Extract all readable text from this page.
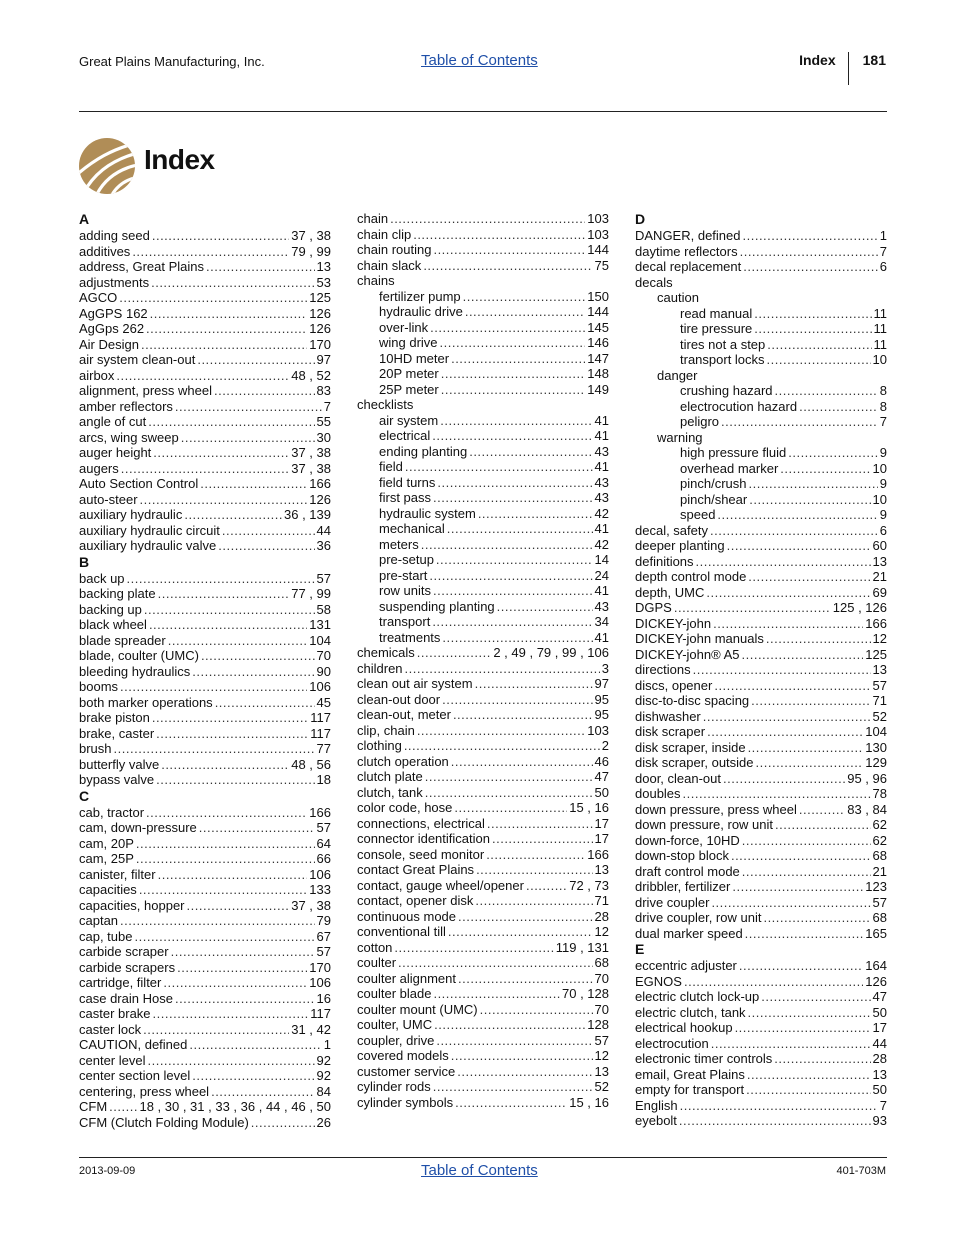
Great Plains Manufacturing, Inc.	Table of Contents	Index 181
Index
A
adding seed .....	37 , 38
additives .....	79 , 99
address, Great Plains .....	13
adjustments .....	53
AGCO .....	125
AgGPS 162 .....	126
AgGps 262 .....	126
Air Design .....	170
air system clean-out .....	97
airbox .....	48 , 52
alignment, press wheel .....	83
amber reflectors .....	7
angle of cut .....	55
arcs, wing sweep .....	30
auger height .....	37 , 38
augers .....	37 , 38
Auto Section Control .....	166
auto-steer .....	126
auxiliary hydraulic .....	36 , 139
auxiliary hydraulic circuit .....	44
auxiliary hydraulic valve .....	36
B
back up .....	57
backing plate .....	77 , 99
backing up .....	58
black wheel .....	131
blade spreader .....	104
blade, coulter (UMC) .....	70
bleeding hydraulics .....	90
booms .....	106
both marker operations .....	45
brake piston .....	117
brake, caster .....	117
brush .....	77
butterfly valve .....	48 , 56
bypass valve .....	18
C
cab, tractor .....	166
cam, down-pressure .....	57
cam, 20P .....	64
cam, 25P .....	66
canister, filter .....	106
capacities .....	133
capacities, hopper .....	37 , 38
captan .....	79
cap, tube .....	67
carbide scraper .....	57
carbide scrapers .....	170
cartridge, filter .....	106
case drain Hose .....	16
caster brake .....	117
caster lock .....	31 , 42
CAUTION, defined .....	1
center level .....	92
center section level .....	92
centering, press wheel .....	84
CFM ..... 18 , 30 , 31 , 33 , 36 , 44 , 46 , 50
CFM (Clutch Folding Module) .....	26
chain .....	103
chain clip .....	103
chain routing .....	144
chain slack .....	75
chains
fertilizer pump .....	150
hydraulic drive .....	144
over-link .....	145
wing drive .....	146
10HD meter .....	147
20P meter .....	148
25P meter .....	149
checklists
air system .....	41
electrical .....	41
ending planting .....	43
field .....	41
field turns .....	43
first pass .....	43
hydraulic system .....	42
mechanical .....	41
meters .....	42
pre-setup .....	14
pre-start .....	24
row units .....	41
suspending planting .....	43
transport .....	34
treatments .....	41
chemicals .....	2 , 49 , 79 , 99 , 106
children .....	3
clean out air system .....	97
clean-out door .....	95
clean-out, meter .....	95
clip, chain .....	103
clothing .....	2
clutch operation .....	46
clutch plate .....	47
clutch, tank .....	50
color code, hose .....	15 , 16
connections, electrical .....	17
connector identification .....	17
console, seed monitor .....	166
contact Great Plains .....	13
contact, gauge wheel/opener .....	72 , 73
contact, opener disk .....	71
continuous mode .....	28
conventional till .....	12
cotton .....	119 , 131
coulter .....	68
coulter alignment .....	70
coulter blade .....	70 , 128
coulter mount (UMC) .....	70
coulter, UMC .....	128
coupler, drive .....	57
covered models .....	12
customer service .....	13
cylinder rods .....	52
cylinder symbols .....	15 , 16
D
DANGER, defined .....	1
daytime reflectors .....	7
decal replacement .....	6
decals
caution
read manual .....	11
tire pressure .....	11
tires not a step .....	11
transport locks .....	10
danger
crushing hazard .....	8
electrocution hazard .....	8
peligro .....	7
warning
high pressure fluid .....	9
overhead marker .....	10
pinch/crush .....	9
pinch/shear .....	10
speed .....	9
decal, safety .....	6
deeper planting .....	60
definitions .....	13
depth control mode .....	21
depth, UMC .....	69
DGPS .....	125 , 126
DICKEY-john .....	166
DICKEY-john manuals .....	12
DICKEY-john® A5 .....	125
directions .....	13
discs, opener .....	57
disc-to-disc spacing .....	71
dishwasher .....	52
disk scraper .....	104
disk scraper, inside .....	130
disk scraper, outside .....	129
door, clean-out .....	95 , 96
doubles .....	78
down pressure, press wheel .....	83 , 84
down pressure, row unit .....	62
down-force, 10HD .....	62
down-stop block .....	68
draft control mode .....	21
dribbler, fertilizer .....	123
drive coupler .....	57
drive coupler, row unit .....	68
dual marker speed .....	165
E
eccentric adjuster .....	164
EGNOS .....	126
electric clutch lock-up .....	47
electric clutch, tank .....	50
electrical hookup .....	17
electrocution .....	44
electronic timer controls .....	28
email, Great Plains .....	13
empty for transport .....	50
English .....	7
eyebolt .....	93
2013-09-09	Table of Contents	401-703M
